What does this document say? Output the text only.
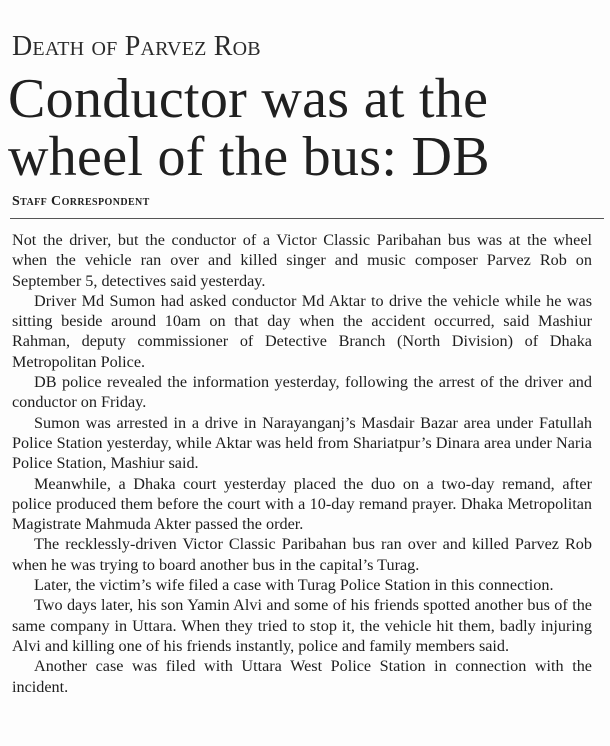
Death of Parvez Rob
Conductor was at the wheel of the bus: DB
Staff Correspondent

Not the driver, but the conductor of a Victor Classic Paribahan bus was at the wheel when the vehicle ran over and killed singer and music composer Parvez Rob on September 5, detectives said yesterday.

Driver Md Sumon had asked conductor Md Aktar to drive the vehicle while he was sitting beside around 10am on that day when the accident occurred, said Mashiur Rahman, deputy commissioner of Detective Branch (North Division) of Dhaka Metropolitan Police.

DB police revealed the information yesterday, following the arrest of the driver and conductor on Friday.

Sumon was arrested in a drive in Narayanganj’s Masdair Bazar area under Fatullah Police Station yesterday, while Aktar was held from Shariatpur’s Dinara area under Naria Police Station, Mashiur said.

Meanwhile, a Dhaka court yesterday placed the duo on a two-day remand, after police produced them before the court with a 10-day remand prayer. Dhaka Metropolitan Magistrate Mahmuda Akter passed the order.

The recklessly-driven Victor Classic Paribahan bus ran over and killed Parvez Rob when he was trying to board another bus in the capital’s Turag.

Later, the victim’s wife filed a case with Turag Police Station in this connection.

Two days later, his son Yamin Alvi and some of his friends spotted another bus of the same company in Uttara. When they tried to stop it, the vehicle hit them, badly injuring Alvi and killing one of his friends instantly, police and family members said.

Another case was filed with Uttara West Police Station in connection with the incident.
